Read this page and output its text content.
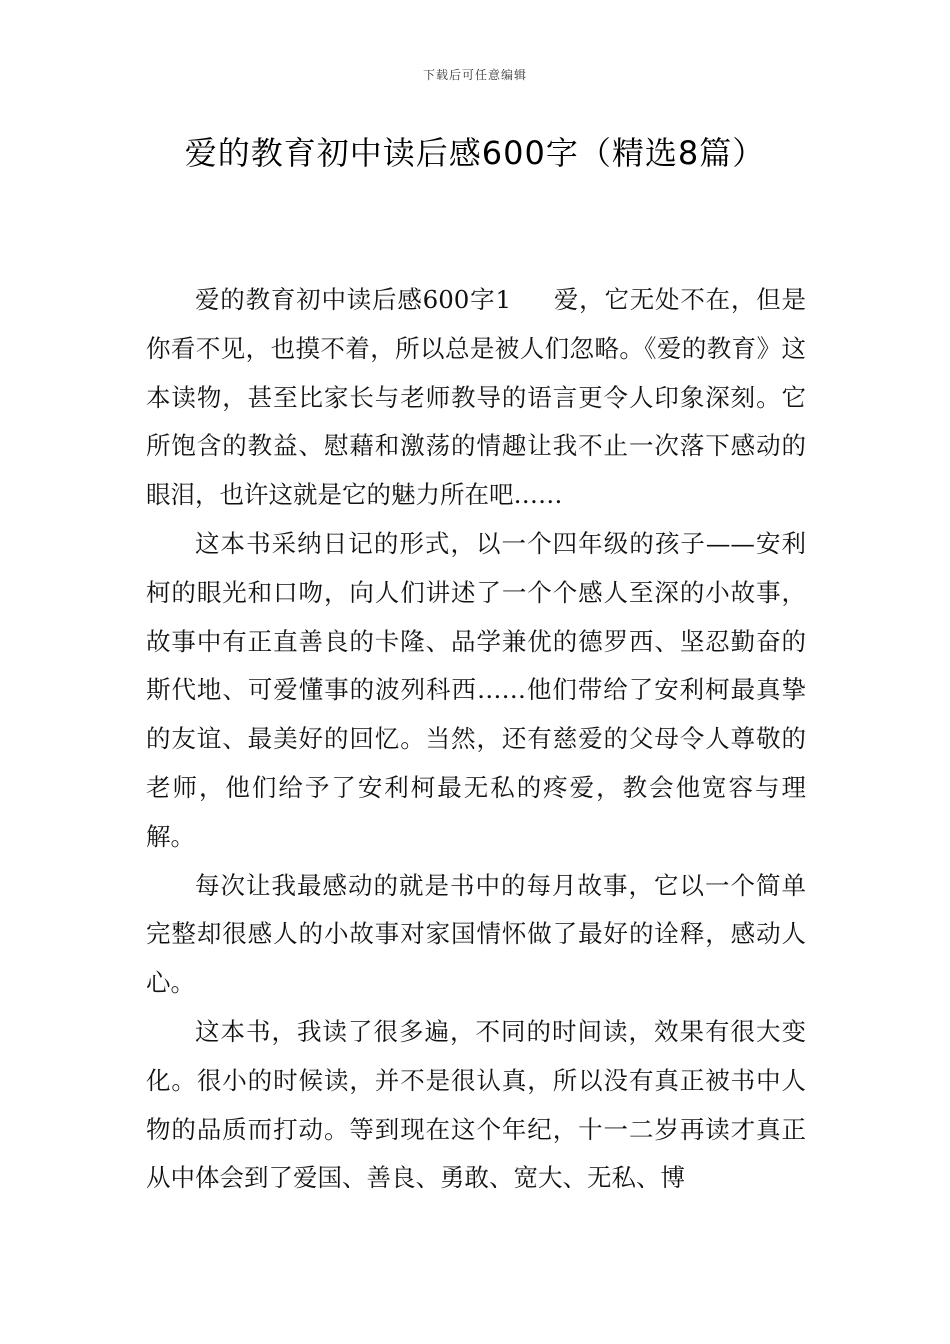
下载后可任意编辑
爱的教育初中读后感600字（精选8篇）

爱的教育初中读后感600字1 爱，它无处不在，但是你看不见，也摸不着，所以总是被人们忽略。《爱的教育》这本读物，甚至比家长与老师教导的语言更令人印象深刻。它所饱含的教益、慰藉和激荡的情趣让我不止一次落下感动的眼泪，也许这就是它的魅力所在吧……

这本书采纳日记的形式，以一个四年级的孩子——安利柯的眼光和口吻，向人们讲述了一个个感人至深的小故事，故事中有正直善良的卡隆、品学兼优的德罗西、坚忍勤奋的斯代地、可爱懂事的波列科西……他们带给了安利柯最真挚的友谊、最美好的回忆。当然，还有慈爱的父母令人尊敬的老师，他们给予了安利柯最无私的疼爱，教会他宽容与理解。

每次让我最感动的就是书中的每月故事，它以一个简单完整却很感人的小故事对家国情怀做了最好的诠释，感动人心。

这本书，我读了很多遍，不同的时间读，效果有很大变化。很小的时候读，并不是很认真，所以没有真正被书中人物的品质而打动。等到现在这个年纪，十一二岁再读才真正从中体会到了爱国、善良、勇敢、宽大、无私、博
